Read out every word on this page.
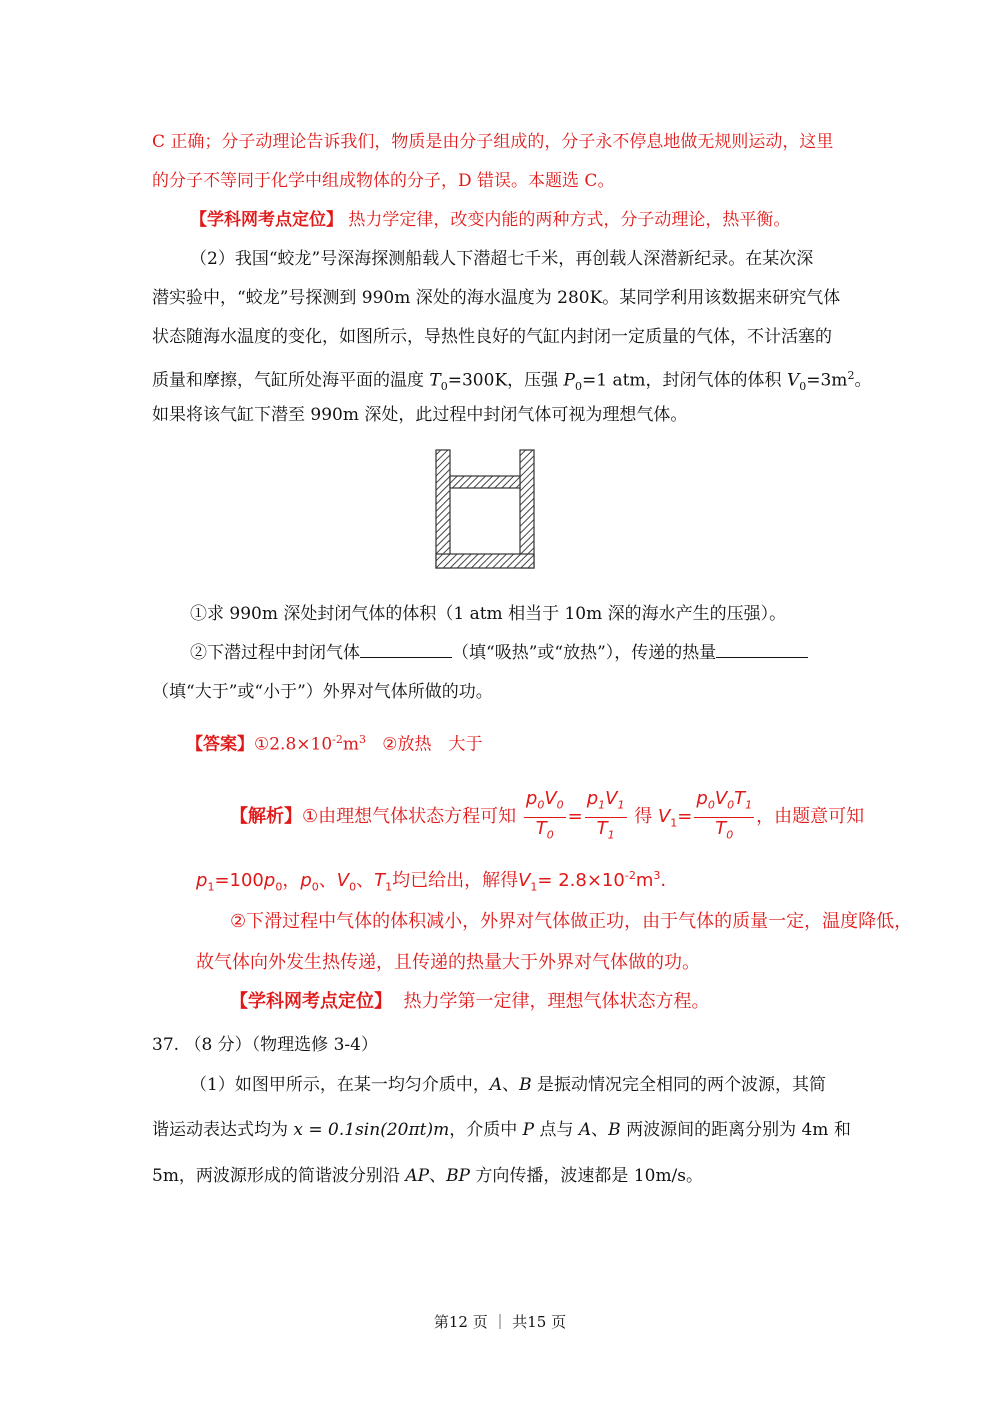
C 正确；分子动理论告诉我们，物质是由分子组成的，分子永不停息地做无规则运动，这里
的分子不等同于化学中组成物体的分子，D 错误。本题选 C。
【学科网考点定位】 热力学定律，改变内能的两种方式，分子动理论，热平衡。
（2）我国“蛟龙”号深海探测船载人下潜超七千米，再创载人深潜新纪录。在某次深
潜实验中，“蛟龙”号探测到 990m 深处的海水温度为 280K。某同学利用该数据来研究气体
状态随海水温度的变化，如图所示，导热性良好的气缸内封闭一定质量的气体，不计活塞的
质量和摩擦，气缸所处海平面的温度 $T_0=300K$，压强 $P_0=1$ atm，封闭气体的体积 $V_0=3m^2$。
如果将该气缸下潜至 990m 深处，此过程中封闭气体可视为理想气体。
①求 990m 深处封闭气体的体积（1 atm 相当于 10m 深的海水产生的压强）。
②下潜过程中封闭气体	（填“吸热”或“放热”），传递的热量
（填“大于”或“小于”）外界对气体所做的功。
【答案】$①2.8\times 10^{-2}m^3$ ②放热　大于
【解析】①由理想气体状态方程可知 $\frac{p_0V_0}{T_0} = \frac{p_1V_1}{T_1}$ 得 $V_1= \frac{p_0V_0T_1}{T_0}$ ，由题意可知
$p_1=100p_0$，$p_0$、$V_0$、$T_1$均已给出，解得$V_1= 2.8\times 10^{-2}m^3$.
②下滑过程中气体的体积减小，外界对气体做正功，由于气体的质量一定，温度降低，
故气体向外发生热传递，且传递的热量大于外界对气体做的功。
【学科网考点定位】 热力学第一定律，理想气体状态方程。
37. （8 分）（物理选修 3-4）
（1）如图甲所示，在某一均匀介质中，A、B 是振动情况完全相同的两个波源，其简
谐运动表达式均为 x = 0.1sin(20πt)m，介质中 P 点与 A、B 两波源间的距离分别为 4m 和
5m，两波源形成的简谐波分别沿 AP、BP 方向传播，波速都是 10m/s。
第12 页 ｜ 共15 页
